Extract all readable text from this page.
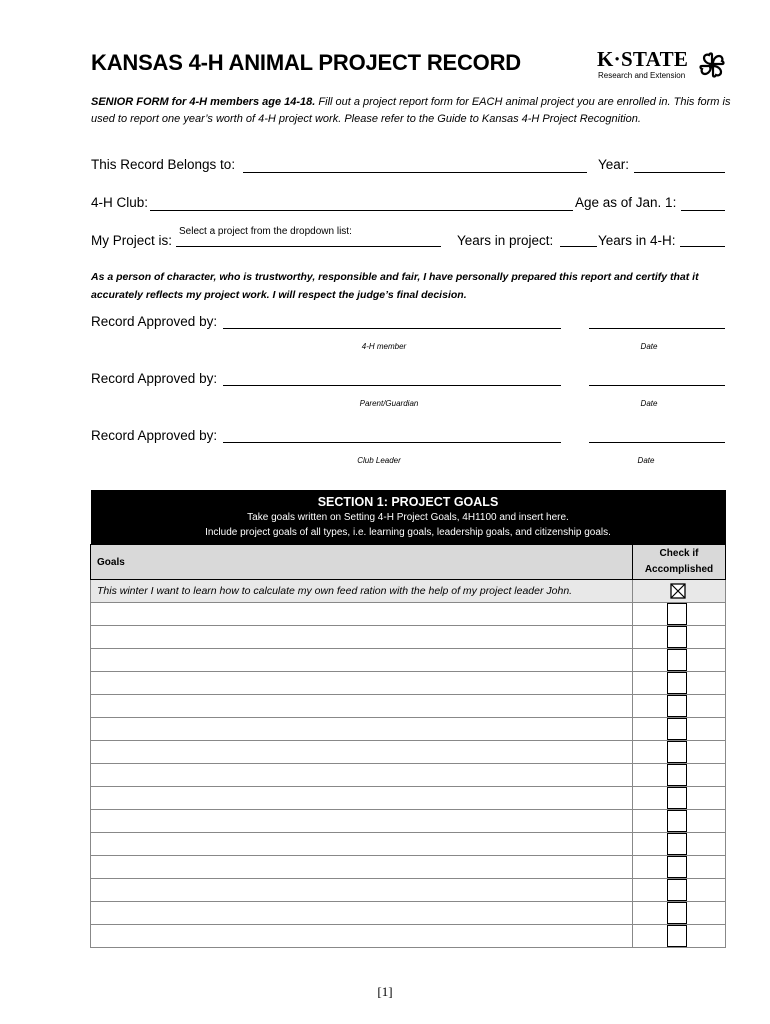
KANSAS 4-H ANIMAL PROJECT RECORD	K·STATE
Research and Extension
H
SENIOR FORM for 4-H members age 14-18. Fill out a project report form for EACH animal project you are enrolled in. This form is used to report one year’s worth of 4-H project work. Please refer to the Guide to Kansas 4-H Project Recognition.
This Record Belongs to:	Year:
4-H Club:	Age as of Jan. 1:
My Project is:
Select a project from the dropdown list:
Years in project:	Years in 4-H:
As a person of character, who is trustworthy, responsible and fair, I have personally prepared this report and certify that it accurately reflects my project work. I will respect the judge’s final decision.
Record Approved by:
4-H member	Date
Record Approved by:
Parent/Guardian	Date
Record Approved by:
Club Leader	Date
SECTION 1: PROJECT GOALS
Take goals written on Setting 4-H Project Goals, 4H1100 and insert here.
Include project goals of all types, i.e. learning goals, leadership goals, and citizenship goals.	

Goals	Check if Accomplished
This winter I want to learn how to calculate my own feed ration with the help of my project leader John.	

[1]
